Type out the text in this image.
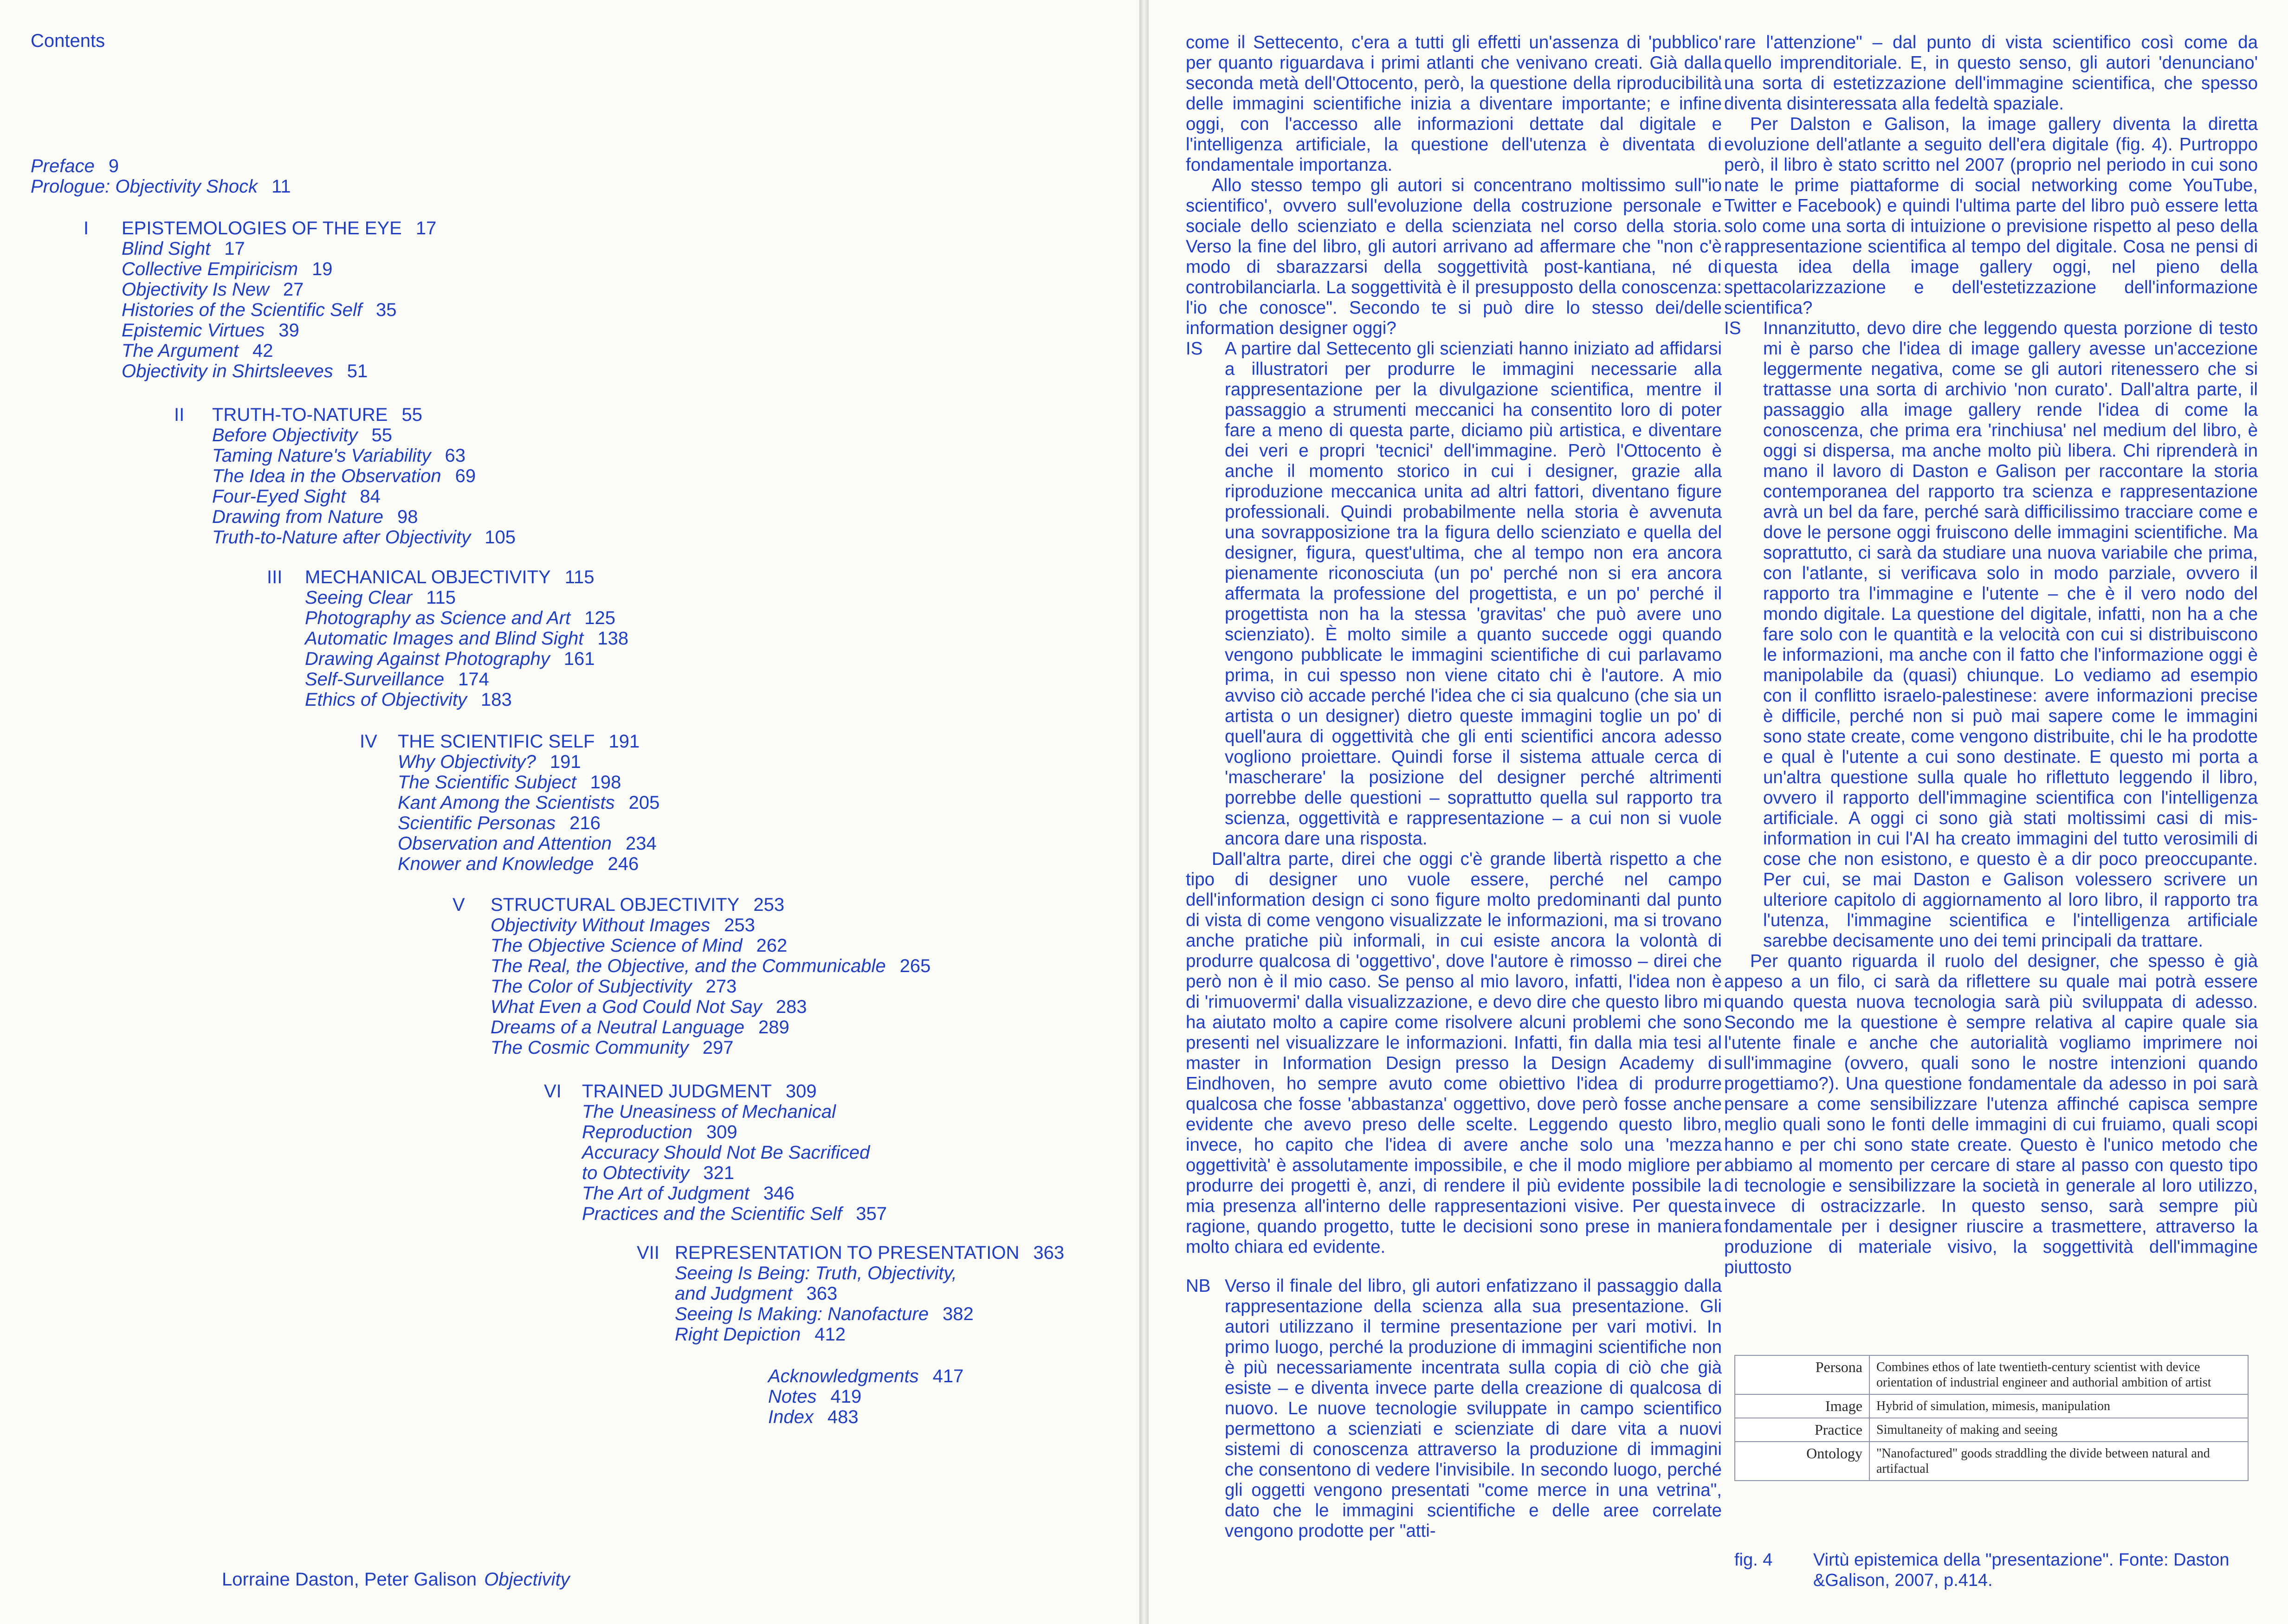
Contents
Preface 9
Prologue: Objectivity Shock 11
I EPISTEMOLOGIES OF THE EYE 17
Blind Sight 17
Collective Empiricism 19
Objectivity Is New 27
Histories of the Scientific Self 35
Epistemic Virtues 39
The Argument 42
Objectivity in Shirtsleeves 51
II TRUTH-TO-NATURE 55
Before Objectivity 55
Taming Nature's Variability 63
The Idea in the Observation 69
Four-Eyed Sight 84
Drawing from Nature 98
Truth-to-Nature after Objectivity 105
III MECHANICAL OBJECTIVITY 115
Seeing Clear 115
Photography as Science and Art 125
Automatic Images and Blind Sight 138
Drawing Against Photography 161
Self-Surveillance 174
Ethics of Objectivity 183
IV THE SCIENTIFIC SELF 191
Why Objectivity? 191
The Scientific Subject 198
Kant Among the Scientists 205
Scientific Personas 216
Observation and Attention 234
Knower and Knowledge 246
V STRUCTURAL OBJECTIVITY 253
Objectivity Without Images 253
The Objective Science of Mind 262
The Real, the Objective, and the Communicable 265
The Color of Subjectivity 273
What Even a God Could Not Say 283
Dreams of a Neutral Language 289
The Cosmic Community 297
VI TRAINED JUDGMENT 309
The Uneasiness of Mechanical
Reproduction 309
Accuracy Should Not Be Sacrificed
to Obtectivity 321
The Art of Judgment 346
Practices and the Scientific Self 357
VII REPRESENTATION TO PRESENTATION 363
Seeing Is Being: Truth, Objectivity,
and Judgment 363
Seeing Is Making: Nanofacture 382
Right Depiction 412
Acknowledgments 417
Notes 419
Index 483
Lorraine Daston, Peter Galison Objectivity

come il Settecento, c'era a tutti gli effetti un'assenza di 'pubblico' per quanto riguardava i primi atlanti che venivano creati. Già dalla seconda metà dell'Ottocento, però, la questione della riproducibilità delle immagini scientifiche inizia a diventare importante; e infine oggi, con l'accesso alle informazioni dettate dal digitale e l'intelligenza artificiale, la questione dell'utenza è diventata di fondamentale importanza.

Allo stesso tempo gli autori si concentrano moltissimo sull"io scientifico', ovvero sull'evoluzione della costruzione personale e sociale dello scienziato e della scienziata nel corso della storia. Verso la fine del libro, gli autori arrivano ad affermare che "non c'è modo di sbarazzarsi della soggettività post-kantiana, né di controbilanciarla. La soggettività è il presupposto della conoscenza: l'io che conosce". Secondo te si può dire lo stesso dei/delle information designer oggi?

IS A partire dal Settecento gli scienziati hanno iniziato ad affidarsi a illustratori per produrre le immagini necessarie alla rappresentazione per la divulgazione scientifica, mentre il passaggio a strumenti meccanici ha consentito loro di poter fare a meno di questa parte, diciamo più artistica, e diventare dei veri e propri 'tecnici' dell'immagine. Però l'Ottocento è anche il momento storico in cui i designer, grazie alla riproduzione meccanica unita ad altri fattori, diventano figure professionali. Quindi probabilmente nella storia è avvenuta una sovrapposizione tra la figura dello scienziato e quella del designer, figura, quest'ultima, che al tempo non era ancora pienamente riconosciuta (un po' perché non si era ancora affermata la professione del progettista, e un po' perché il progettista non ha la stessa 'gravitas' che può avere uno scienziato). È molto simile a quanto succede oggi quando vengono pubblicate le immagini scientifiche di cui parlavamo prima, in cui spesso non viene citato chi è l'autore. A mio avviso ciò accade perché l'idea che ci sia qualcuno (che sia un artista o un designer) dietro queste immagini toglie un po' di quell'aura di oggettività che gli enti scientifici ancora adesso vogliono proiettare. Quindi forse il sistema attuale cerca di 'mascherare' la posizione del designer perché altrimenti porrebbe delle questioni – soprattutto quella sul rapporto tra scienza, oggettività e rappresentazione – a cui non si vuole ancora dare una risposta.

Dall'altra parte, direi che oggi c'è grande libertà rispetto a che tipo di designer uno vuole essere, perché nel campo dell'information design ci sono figure molto predominanti dal punto di vista di come vengono visualizzate le informazioni, ma si trovano anche pratiche più informali, in cui esiste ancora la volontà di produrre qualcosa di 'oggettivo', dove l'autore è rimosso – direi che però non è il mio caso. Se penso al mio lavoro, infatti, l'idea non è di 'rimuovermi' dalla visualizzazione, e devo dire che questo libro mi ha aiutato molto a capire come risolvere alcuni problemi che sono presenti nel visualizzare le informazioni. Infatti, fin dalla mia tesi al master in Information Design presso la Design Academy di Eindhoven, ho sempre avuto come obiettivo l'idea di produrre qualcosa che fosse 'abbastanza' oggettivo, dove però fosse anche evidente che avevo preso delle scelte. Leggendo questo libro, invece, ho capito che l'idea di avere anche solo una 'mezza oggettività' è assolutamente impossibile, e che il modo migliore per produrre dei progetti è, anzi, di rendere il più evidente possibile la mia presenza all'interno delle rappresentazioni visive. Per questa ragione, quando progetto, tutte le decisioni sono prese in maniera molto chiara ed evidente.

NB Verso il finale del libro, gli autori enfatizzano il passaggio dalla rappresentazione della scienza alla sua presentazione. Gli autori utilizzano il termine presentazione per vari motivi. In primo luogo, perché la produzione di immagini scientifiche non è più necessariamente incentrata sulla copia di ciò che già esiste – e diventa invece parte della creazione di qualcosa di nuovo. Le nuove tecnologie sviluppate in campo scientifico permettono a scienziati e scienziate di dare vita a nuovi sistemi di conoscenza attraverso la produzione di immagini che consentono di vedere l'invisibile. In secondo luogo, perché gli oggetti vengono presentati "come merce in una vetrina", dato che le immagini scientifiche e delle aree correlate vengono prodotte per "atti-

rare l'attenzione" – dal punto di vista scientifico così come da quello imprenditoriale. E, in questo senso, gli autori 'denunciano' una sorta di estetizzazione dell'immagine scientifica, che spesso diventa disinteressata alla fedeltà spaziale.

Per Dalston e Galison, la image gallery diventa la diretta evoluzione dell'atlante a seguito dell'era digitale (fig. 4). Purtroppo però, il libro è stato scritto nel 2007 (proprio nel periodo in cui sono nate le prime piattaforme di social networking come YouTube, Twitter e Facebook) e quindi l'ultima parte del libro può essere letta solo come una sorta di intuizione o previsione rispetto al peso della rappresentazione scientifica al tempo del digitale. Cosa ne pensi di questa idea della image gallery oggi, nel pieno della spettacolarizzazione e dell'estetizzazione dell'informazione scientifica?

IS Innanzitutto, devo dire che leggendo questa porzione di testo mi è parso che l'idea di image gallery avesse un'accezione leggermente negativa, come se gli autori ritenessero che si trattasse una sorta di archivio 'non curato'. Dall'altra parte, il passaggio alla image gallery rende l'idea di come la conoscenza, che prima era 'rinchiusa' nel medium del libro, è oggi si dispersa, ma anche molto più libera. Chi riprenderà in mano il lavoro di Daston e Galison per raccontare la storia contemporanea del rapporto tra scienza e rappresentazione avrà un bel da fare, perché sarà difficilissimo tracciare come e dove le persone oggi fruiscono delle immagini scientifiche. Ma soprattutto, ci sarà da studiare una nuova variabile che prima, con l'atlante, si verificava solo in modo parziale, ovvero il rapporto tra l'immagine e l'utente – che è il vero nodo del mondo digitale. La questione del digitale, infatti, non ha a che fare solo con le quantità e la velocità con cui si distribuiscono le informazioni, ma anche con il fatto che l'informazione oggi è manipolabile da (quasi) chiunque. Lo vediamo ad esempio con il conflitto israelo-palestinese: avere informazioni precise è difficile, perché non si può mai sapere come le immagini sono state create, come vengono distribuite, chi le ha prodotte e qual è l'utente a cui sono destinate. E questo mi porta a un'altra questione sulla quale ho riflettuto leggendo il libro, ovvero il rapporto dell'immagine scientifica con l'intelligenza artificiale. A oggi ci sono già stati moltissimi casi di mis-information in cui l'AI ha creato immagini del tutto verosimili di cose che non esistono, e questo è a dir poco preoccupante. Per cui, se mai Daston e Galison volessero scrivere un ulteriore capitolo di aggiornamento al loro libro, il rapporto tra l'utenza, l'immagine scientifica e l'intelligenza artificiale sarebbe decisamente uno dei temi principali da trattare.

Per quanto riguarda il ruolo del designer, che spesso è già appeso a un filo, ci sarà da riflettere su quale mai potrà essere quando questa nuova tecnologia sarà più sviluppata di adesso. Secondo me la questione è sempre relativa al capire quale sia l'utente finale e anche che autorialità vogliamo imprimere noi sull'immagine (ovvero, quali sono le nostre intenzioni quando progettiamo?). Una questione fondamentale da adesso in poi sarà pensare a come sensibilizzare l'utenza affinché capisca sempre meglio quali sono le fonti delle immagini di cui fruiamo, quali scopi hanno e per chi sono state create. Questo è l'unico metodo che abbiamo al momento per cercare di stare al passo con questo tipo di tecnologie e sensibilizzare la società in generale al loro utilizzo, invece di ostracizzarle. In questo senso, sarà sempre più fondamentale per i designer riuscire a trasmettere, attraverso la produzione di materiale visivo, la soggettività dell'immagine piuttosto

Persona	Combines ethos of late twentieth-century scientist with device orientation of industrial engineer and authorial ambition of artist
Image	Hybrid of simulation, mimesis, manipulation
Practice	Simultaneity of making and seeing
Ontology	"Nanofactured" goods straddling the divide between natural and artifactual
fig. 4 Virtù epistemica della "presentazione". Fonte: Daston &Galison, 2007, p.414.
